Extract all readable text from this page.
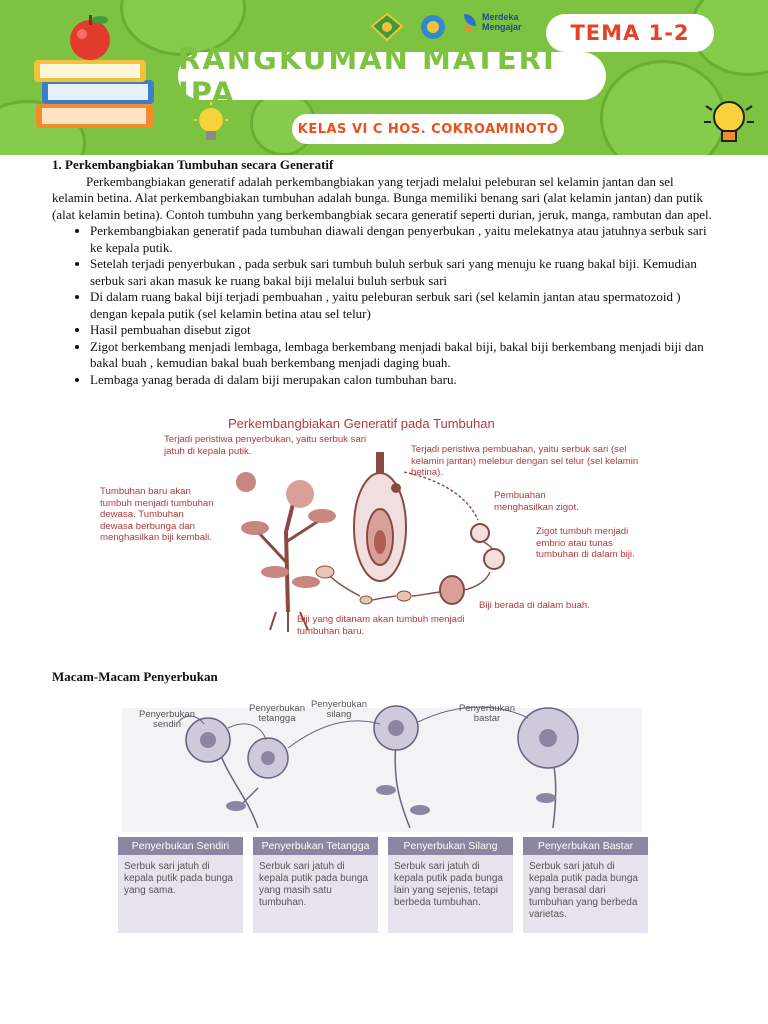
Merdeka
Mengajar TEMA 1-2
RANGKUMAN MATERI IPA
KELAS VI C HOS. COKROAMINOTO
1. Perkembangbiakan Tumbuhan secara Generatif

Perkembangbiakan generatif adalah perkembangbiakan yang terjadi melalui peleburan sel kelamin jantan dan sel kelamin betina. Alat perkembangbiakan tumbuhan adalah bunga. Bunga memiliki benang sari (alat kelamin jantan) dan putik (alat kelamin betina). Contoh tumbuhn yang berkembangbiak secara generatif seperti durian, jeruk, manga, rambutan dan apel.

• Perkembangbiakan generatif pada tumbuhan diawali dengan penyerbukan , yaitu melekatnya atau jatuhnya serbuk sari ke kepala putik.
• Setelah terjadi penyerbukan , pada serbuk sari tumbuh buluh serbuk sari yang menuju ke ruang bakal biji. Kemudian serbuk sari akan masuk ke ruang bakal biji melalui buluh serbuk sari
• Di dalam ruang bakal biji terjadi pembuahan , yaitu peleburan serbuk sari (sel kelamin jantan atau spermatozoid ) dengan kepala putik (sel kelamin betina atau sel telur)
• Hasil pembuahan disebut zigot
• Zigot berkembang menjadi lembaga, lembaga berkembang menjadi bakal biji, bakal biji berkembang menjadi biji dan bakal buah , kemudian bakal buah berkembang menjadi daging buah.
• Lembaga yanag berada di dalam biji merupakan calon tumbuhan baru.
Perkembangbiakan Generatif pada Tumbuhan
Terjadi peristiwa penyerbukan, yaitu serbuk sari jatuh di kepala putik.	Terjadi peristiwa pembuahan, yaitu serbuk sari (sel kelamin jantan) melebur dengan sel telur (sel kelamin betina).
Pembuahan menghasilkan zigot.
Zigot tumbuh menjadi embrio atau tunas tumbuhan di dalam biji.
Biji berada di dalam buah.
Biji yang ditanam akan tumbuh menjadi tumbuhan baru.
Tumbuhan baru akan tumbuh menjadi tumbuhan dewasa. Tumbuhan dewasa berbunga dan menghasilkan biji kembali.
Macam-Macam Penyerbukan
Penyerbukan sendiri
Penyerbukan tetangga
Penyerbukan silang
Penyerbukan bastar
Penyerbukan Sendiri
Serbuk sari jatuh di kepala putik pada bunga yang sama.
Penyerbukan Tetangga
Serbuk sari jatuh di kepala putik pada bunga yang masih satu tumbuhan.
Penyerbukan Silang
Serbuk sari jatuh di kepala putik pada bunga lain yang sejenis, tetapi berbeda tumbuhan.
Penyerbukan Bastar
Serbuk sari jatuh di kepala putik pada bunga yang berasal dari tumbuhan yang berbeda varietas.
